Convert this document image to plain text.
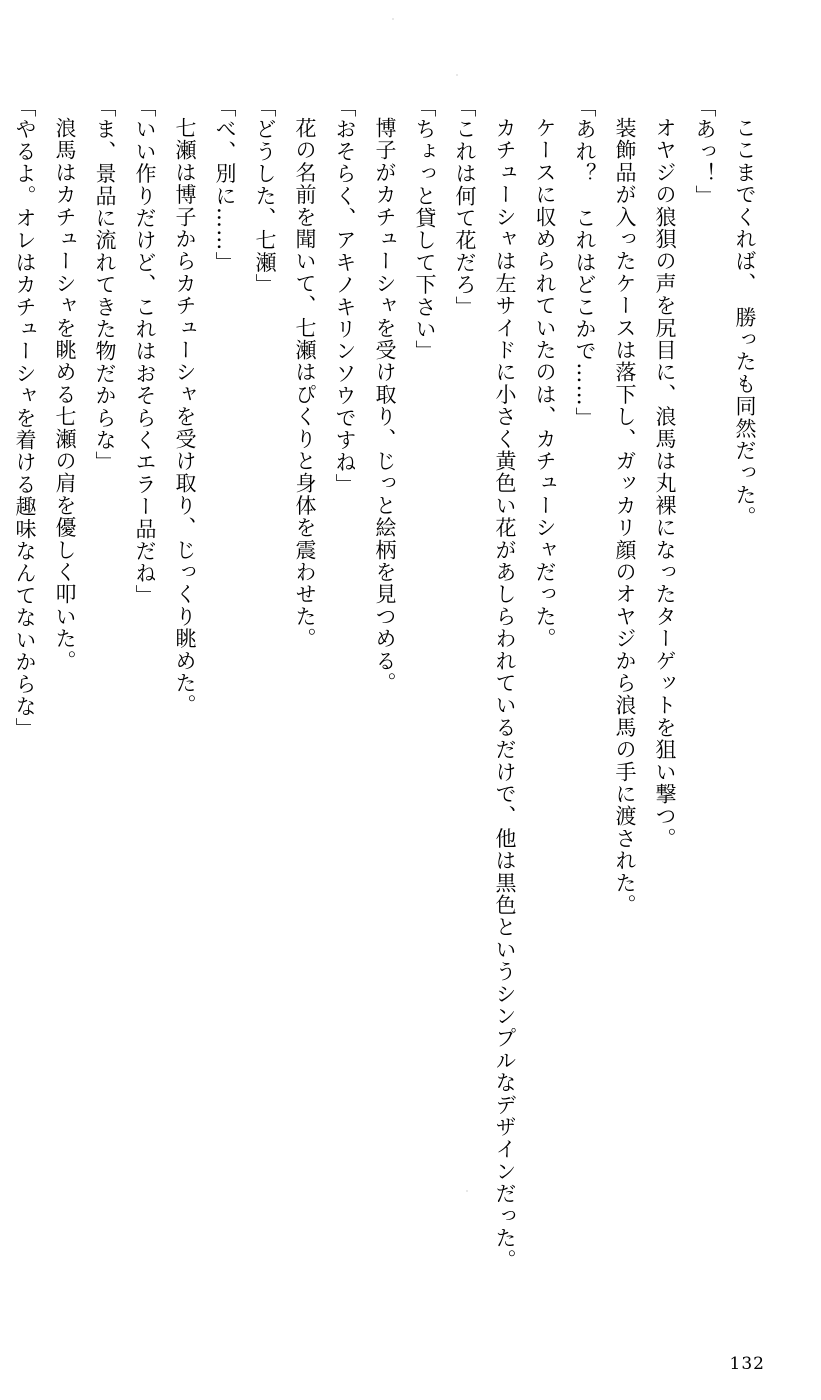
ここまでくれば、　勝ったも同然だった。
「あっ！」
オヤジの狼狽の声を尻目に、浪馬は丸裸になったターゲットを狙い撃つ。
装飾品が入ったケースは落下し、ガッカリ顔のオヤジから浪馬の手に渡された。
「あれ？　これはどこかで……」
ケースに収められていたのは、カチューシャだった。
カチューシャは左サイドに小さく黄色い花があしらわれているだけで、他は黒色というシンプルなデザインだった。
「これは何て花だろ」
「ちょっと貸して下さい」
博子がカチューシャを受け取り、じっと絵柄を見つめる。
「おそらく、アキノキリンソウですね」
花の名前を聞いて、七瀬はぴくりと身体を震わせた。
「どうした、七瀬」
「べ、別に……」
七瀬は博子からカチューシャを受け取り、じっくり眺めた。
「いい作りだけど、これはおそらくエラー品だね」
「ま、景品に流れてきた物だからな」
浪馬はカチューシャを眺める七瀬の肩を優しく叩いた。
「やるよ。オレはカチューシャを着ける趣味なんてないからな」
132
